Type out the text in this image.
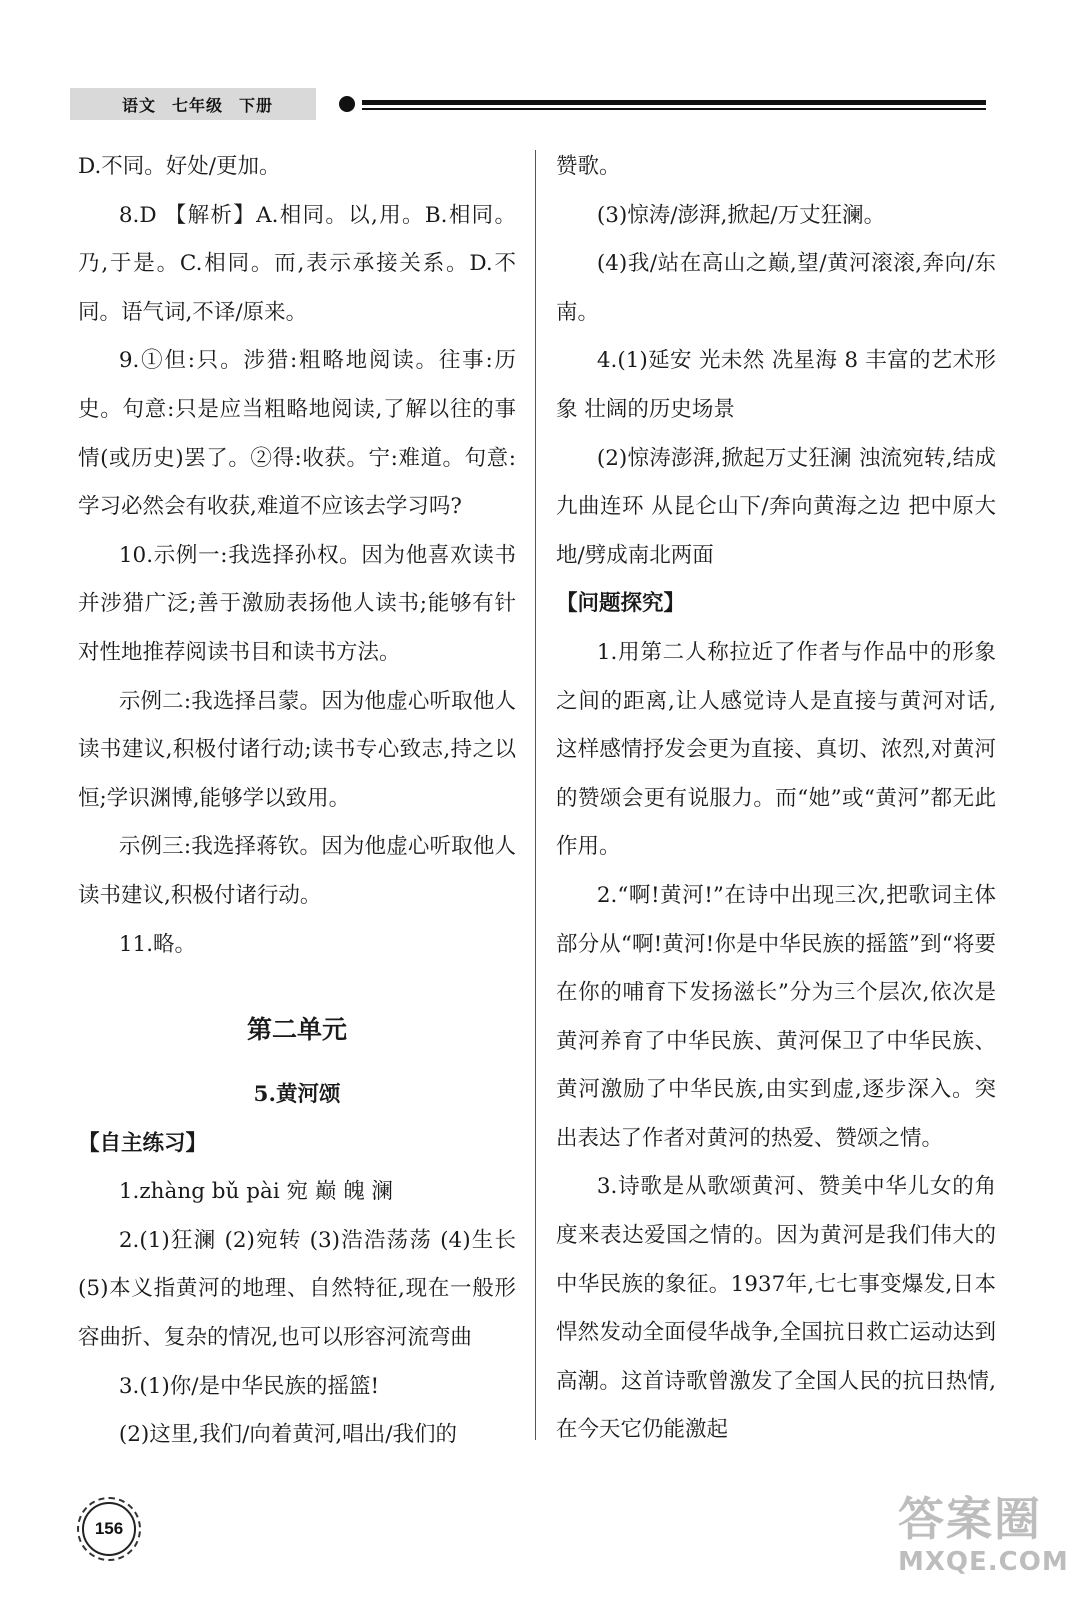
语文 七年级 下册

D.不同。好处/更加。

8.D 【解析】A.相同。以,用。B.相同。乃,于是。C.相同。而,表示承接关系。D.不同。语气词,不译/原来。

9.①但:只。涉猎:粗略地阅读。往事:历史。句意:只是应当粗略地阅读,了解以往的事情(或历史)罢了。②得:收获。宁:难道。句意:学习必然会有收获,难道不应该去学习吗?

10.示例一:我选择孙权。因为他喜欢读书并涉猎广泛;善于激励表扬他人读书;能够有针对性地推荐阅读书目和读书方法。

示例二:我选择吕蒙。因为他虚心听取他人读书建议,积极付诸行动;读书专心致志,持之以恒;学识渊博,能够学以致用。

示例三:我选择蒋钦。因为他虚心听取他人读书建议,积极付诸行动。

11.略。

第二单元

5.黄河颂

【自主练习】

1.zhàng bǔ pài 宛 巅 魄 澜

2.(1)狂澜 (2)宛转 (3)浩浩荡荡 (4)生长 (5)本义指黄河的地理、自然特征,现在一般形容曲折、复杂的情况,也可以形容河流弯曲

3.(1)你/是中华民族的摇篮!

(2)这里,我们/向着黄河,唱出/我们的

赞歌。

(3)惊涛/澎湃,掀起/万丈狂澜。

(4)我/站在高山之巅,望/黄河滚滚,奔向/东南。

4.(1)延安 光未然 冼星海 8 丰富的艺术形象 壮阔的历史场景

(2)惊涛澎湃,掀起万丈狂澜 浊流宛转,结成九曲连环 从昆仑山下/奔向黄海之边 把中原大地/劈成南北两面

【问题探究】

1.用第二人称拉近了作者与作品中的形象之间的距离,让人感觉诗人是直接与黄河对话,这样感情抒发会更为直接、真切、浓烈,对黄河的赞颂会更有说服力。而“她”或“黄河”都无此作用。

2.“啊!黄河!”在诗中出现三次,把歌词主体部分从“啊!黄河!你是中华民族的摇篮”到“将要在你的哺育下发扬滋长”分为三个层次,依次是黄河养育了中华民族、黄河保卫了中华民族、黄河激励了中华民族,由实到虚,逐步深入。突出表达了作者对黄河的热爱、赞颂之情。

3.诗歌是从歌颂黄河、赞美中华儿女的角度来表达爱国之情的。因为黄河是我们伟大的中华民族的象征。1937年,七七事变爆发,日本悍然发动全面侵华战争,全国抗日救亡运动达到高潮。这首诗歌曾激发了全国人民的抗日热情,在今天它仍能激起

156	答案圈
MXQE.COM
